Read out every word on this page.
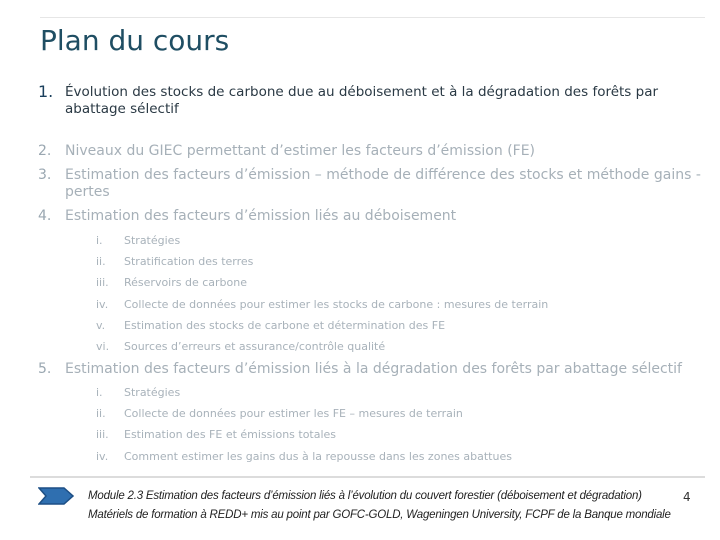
Plan du cours
1. Évolution des stocks de carbone due au déboisement et à la dégradation des forêts par
abattage sélectif
2. Niveaux du GIEC permettant d’estimer les facteurs d’émission (FE)
3. Estimation des facteurs d’émission – méthode de différence des stocks et méthode gains -pertes
4. Estimation des facteurs d’émission liés au déboisement
i.	Stratégies
ii.	Stratification des terres
iii.	Réservoirs de carbone
iv.	Collecte de données pour estimer les stocks de carbone : mesures de terrain
v.	Estimation des stocks de carbone et détermination des FE
vi.	Sources d’erreurs et assurance/contrôle qualité
5. Estimation des facteurs d’émission liés à la dégradation des forêts par abattage sélectif
i.	Stratégies
ii.	Collecte de données pour estimer les FE – mesures de terrain
iii.	Estimation des FE et émissions totales
iv.	Comment estimer les gains dus à la repousse dans les zones abattues
Module 2.3 Estimation des facteurs d’émission liés à l’évolution du couvert forestier (déboisement et dégradation)
Matériels de formation à REDD+ mis au point par GOFC-GOLD, Wageningen University, FCPF de la Banque mondiale
4
